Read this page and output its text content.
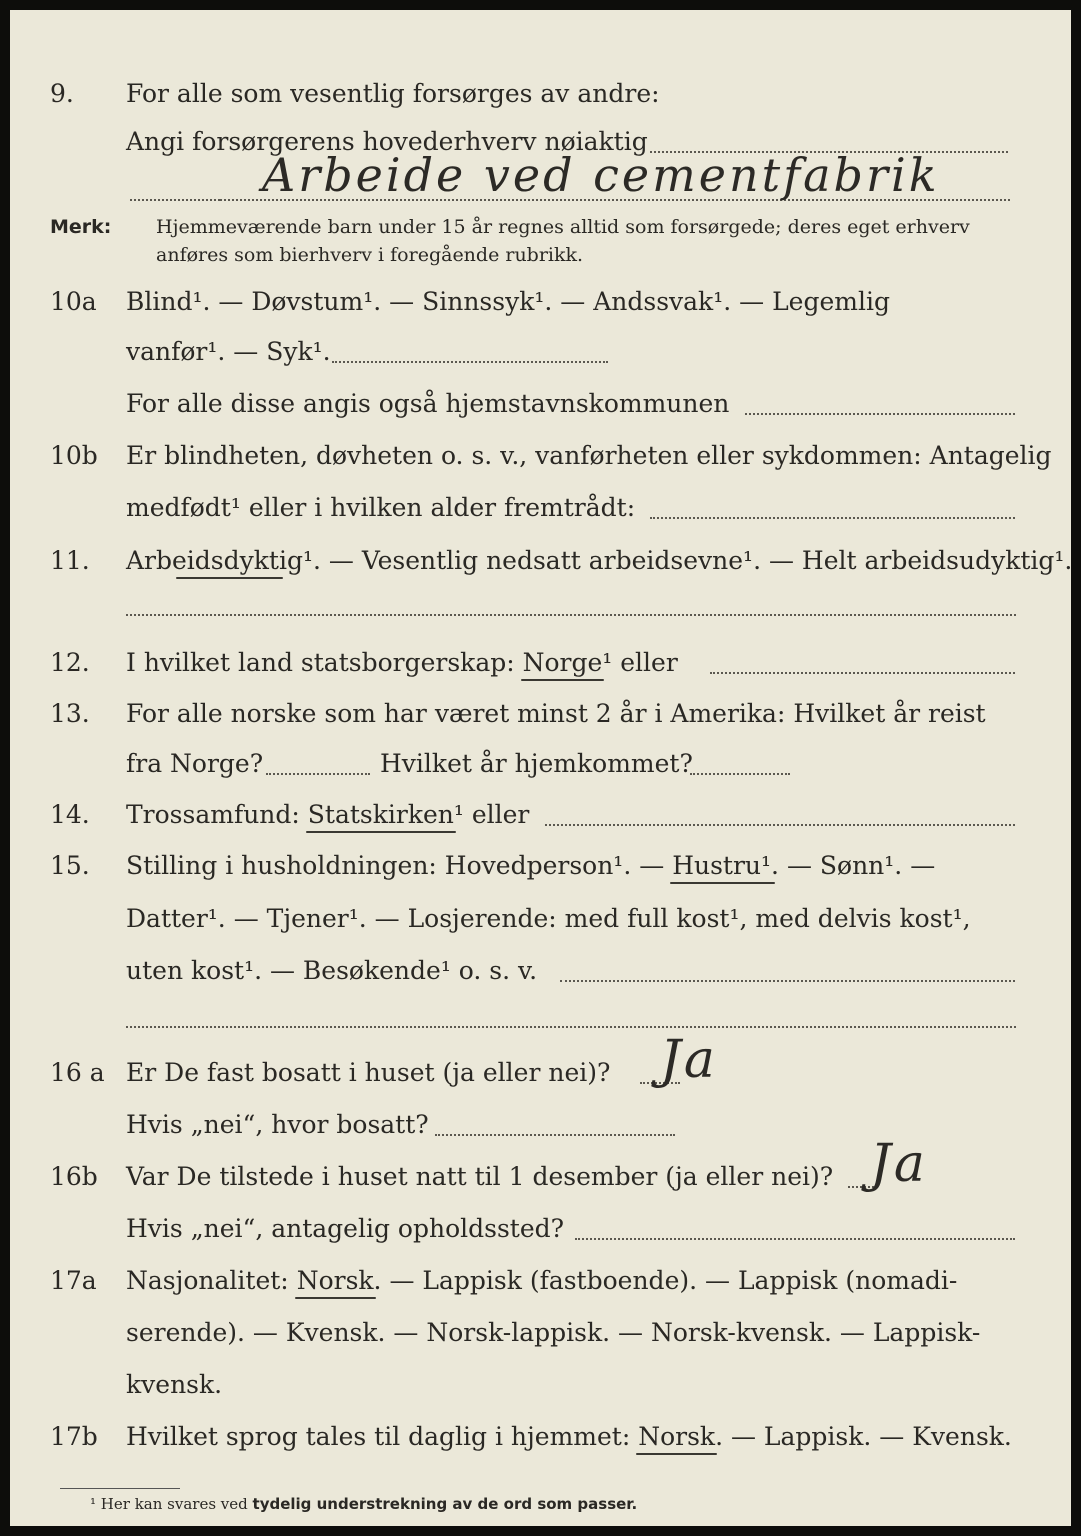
9. For alle som vesentlig forsørges av andre:
Angi forsørgerens hovederhverv nøiaktig
Arbeide ved cementfabrik
Merk: Hjemmeværende barn under 15 år regnes alltid som forsørgede; deres eget erhverv
anføres som bierhverv i foregående rubrikk.
10a Blind¹. — Døvstum¹. — Sinnssyk¹. — Andssvak¹. — Legemlig
vanfør¹. — Syk¹.
For alle disse angis også hjemstavnskommunen
10b Er blindheten, døvheten o. s. v., vanførheten eller sykdommen: Antagelig
medfødt¹ eller i hvilken alder fremtrådt:
11. Arbeidsdyktig
¹. — Vesentlig nedsatt arbeidsevne¹. — Helt arbeidsudyktig¹.
12. I hvilket land statsborgerskap: Norge
¹ eller
13. For alle norske som har været minst 2 år i Amerika: Hvilket år reist
fra Norge?	Hvilket år hjemkommet?
14. Trossamfund: Statskirken
¹ eller
15. Stilling i husholdningen: Hovedperson¹. — Hustru
¹. — Sønn¹. —
Datter¹. — Tjener¹. — Losjerende: med full kost¹, med delvis kost¹,
uten kost¹. — Besøkende¹ o. s. v.
16 a Er De fast bosatt i huset (ja eller nei)? Ja
Hvis „nei“, hvor bosatt?
16b Var De tilstede i huset natt til 1 desember (ja eller nei)? Ja
Hvis „nei“, antagelig opholdssted?
17a Nasjonalitet: Norsk
. — Lappisk (fastboende). — Lappisk (nomadi-
serende). — Kvensk. — Norsk-lappisk. — Norsk-kvensk. — Lappisk-
kvensk.
17b Hvilket sprog tales til daglig i hjemmet: Norsk
. — Lappisk. — Kvensk.
¹ Her kan svares ved tydelig understrekning av de ord som passer.
